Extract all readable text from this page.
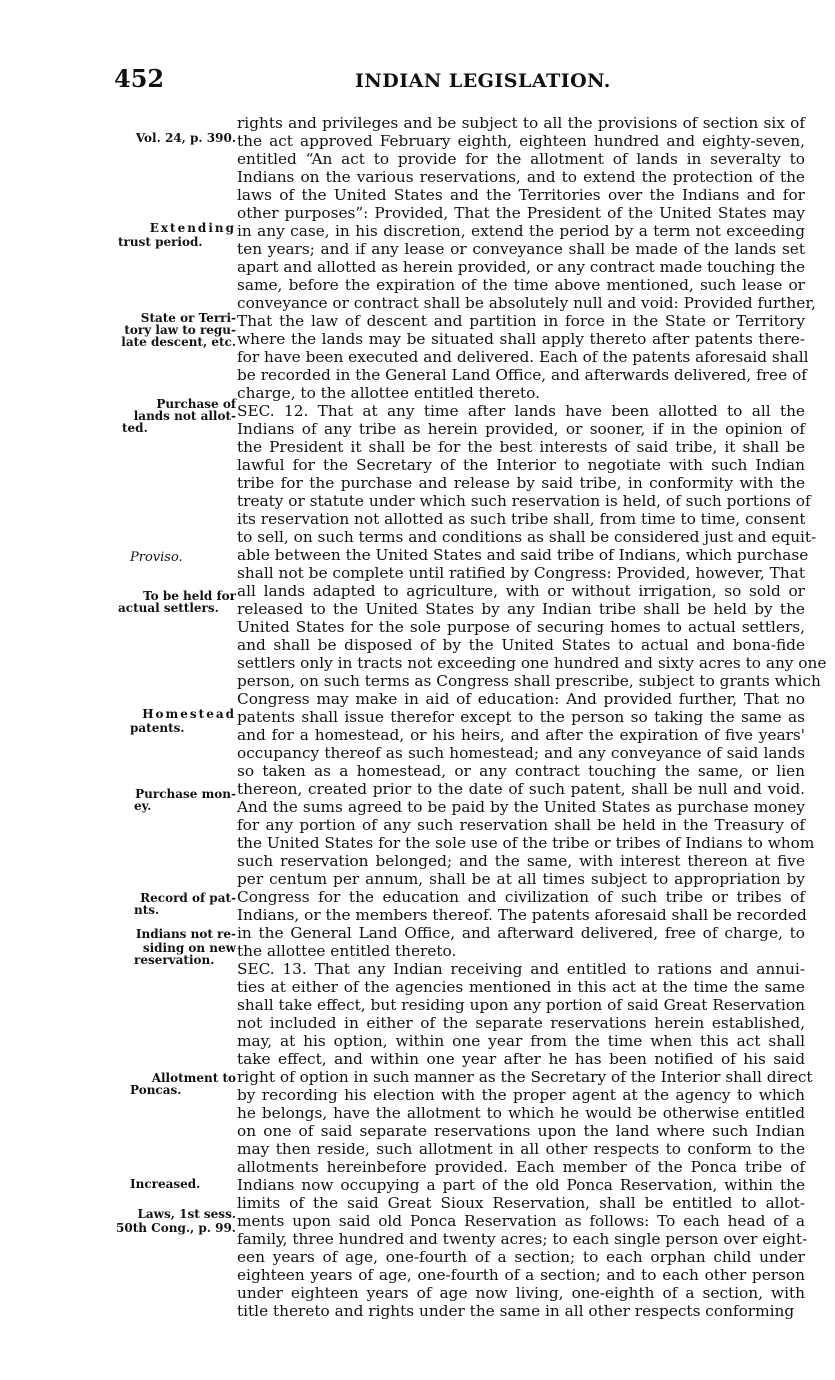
452	INDIAN LEGISLATION.
Vol. 24, p. 390.
Extending
trust period.
State or Terri-
tory law to regu-
late descent, etc.
Purchase of
lands not allot-
ted.
Proviso.
To be held for
actual settlers.
Homestead
patents.
Purchase mon-
ey.
Record of pat-
nts.
Indians not re-
siding on new
reservation.
Allotment to
Poncas.
Increased.
Laws, 1st sess.
50th Cong., p. 99.
rights and privileges and be subject to all the provisions of section six of
the act approved February eighth, eighteen hundred and eighty-seven,
entitled “An act to provide for the allotment of lands in severalty to
Indians on the various reservations, and to extend the protection of the
laws of the United States and the Territories over the Indians and for
other purposes”: Provided, That the President of the United States may
in any case, in his discretion, extend the period by a term not exceeding
ten years; and if any lease or conveyance shall be made of the lands set
apart and allotted as herein provided, or any contract made touching the
same, before the expiration of the time above mentioned, such lease or
conveyance or contract shall be absolutely null and void: Provided further,
That the law of descent and partition in force in the State or Territory
where the lands may be situated shall apply thereto after patents there-
for have been executed and delivered. Each of the patents aforesaid shall
be recorded in the General Land Office, and afterwards delivered, free of
charge, to the allottee entitled thereto.
SEC. 12. That at any time after lands have been allotted to all the
Indians of any tribe as herein provided, or sooner, if in the opinion of
the President it shall be for the best interests of said tribe, it shall be
lawful for the Secretary of the Interior to negotiate with such Indian
tribe for the purchase and release by said tribe, in conformity with the
treaty or statute under which such reservation is held, of such portions of
its reservation not allotted as such tribe shall, from time to time, consent
to sell, on such terms and conditions as shall be considered just and equit-
able between the United States and said tribe of Indians, which purchase
shall not be complete until ratified by Congress: Provided, however, That
all lands adapted to agriculture, with or without irrigation, so sold or
released to the United States by any Indian tribe shall be held by the
United States for the sole purpose of securing homes to actual settlers,
and shall be disposed of by the United States to actual and bona-fide
settlers only in tracts not exceeding one hundred and sixty acres to any one
person, on such terms as Congress shall prescribe, subject to grants which
Congress may make in aid of education: And provided further, That no
patents shall issue therefor except to the person so taking the same as
and for a homestead, or his heirs, and after the expiration of five years'
occupancy thereof as such homestead; and any conveyance of said lands
so taken as a homestead, or any contract touching the same, or lien
thereon, created prior to the date of such patent, shall be null and void.
And the sums agreed to be paid by the United States as purchase money
for any portion of any such reservation shall be held in the Treasury of
the United States for the sole use of the tribe or tribes of Indians to whom
such reservation belonged; and the same, with interest thereon at five
per centum per annum, shall be at all times subject to appropriation by
Congress for the education and civilization of such tribe or tribes of
Indians, or the members thereof. The patents aforesaid shall be recorded
in the General Land Office, and afterward delivered, free of charge, to
the allottee entitled thereto.
SEC. 13. That any Indian receiving and entitled to rations and annui-
ties at either of the agencies mentioned in this act at the time the same
shall take effect, but residing upon any portion of said Great Reservation
not included in either of the separate reservations herein established,
may, at his option, within one year from the time when this act shall
take effect, and within one year after he has been notified of his said
right of option in such manner as the Secretary of the Interior shall direct
by recording his election with the proper agent at the agency to which
he belongs, have the allotment to which he would be otherwise entitled
on one of said separate reservations upon the land where such Indian
may then reside, such allotment in all other respects to conform to the
allotments hereinbefore provided. Each member of the Ponca tribe of
Indians now occupying a part of the old Ponca Reservation, within the
limits of the said Great Sioux Reservation, shall be entitled to allot-
ments upon said old Ponca Reservation as follows: To each head of a
family, three hundred and twenty acres; to each single person over eight-
een years of age, one-fourth of a section; to each orphan child under
eighteen years of age, one-fourth of a section; and to each other person
under eighteen years of age now living, one-eighth of a section, with
title thereto and rights under the same in all other respects conforming
